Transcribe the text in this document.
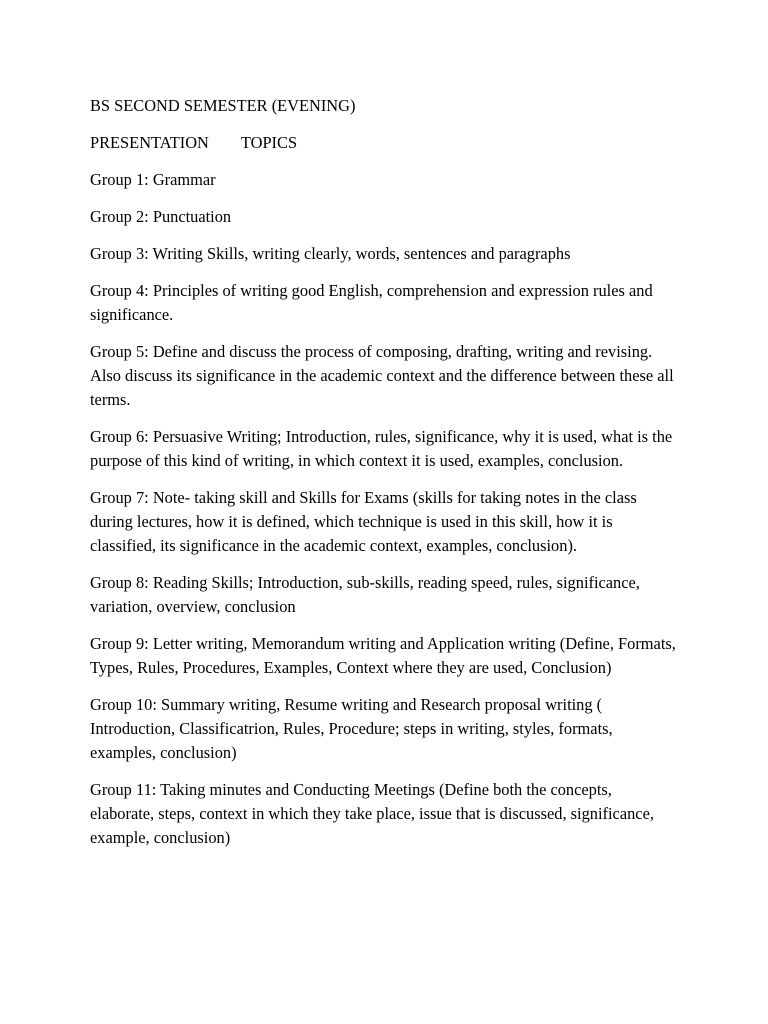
BS SECOND SEMESTER (EVENING)
PRESENTATION TOPICS
Group 1: Grammar
Group 2: Punctuation
Group 3: Writing Skills, writing clearly, words, sentences and paragraphs
Group 4: Principles of writing good English, comprehension and expression rules and significance.
Group 5: Define and discuss the process of composing, drafting, writing and revising. Also discuss its significance in the academic context and the difference between these all terms.
Group 6: Persuasive Writing; Introduction, rules, significance, why it is used, what is the purpose of this kind of writing, in which context it is used, examples, conclusion.
Group 7: Note- taking skill and Skills for Exams (skills for taking notes in the class during lectures, how it is defined, which technique is used in this skill, how it is classified, its significance in the academic context, examples, conclusion).
Group 8: Reading Skills; Introduction, sub-skills, reading speed, rules, significance, variation, overview, conclusion
Group 9: Letter writing, Memorandum writing and Application writing (Define, Formats, Types, Rules, Procedures, Examples, Context where they are used, Conclusion)
Group 10: Summary writing, Resume writing and Research proposal writing ( Introduction, Classificatrion, Rules, Procedure; steps in writing, styles, formats, examples, conclusion)
Group 11: Taking minutes and Conducting Meetings (Define both the concepts, elaborate, steps, context in which they take place, issue that is discussed, significance, example, conclusion)
